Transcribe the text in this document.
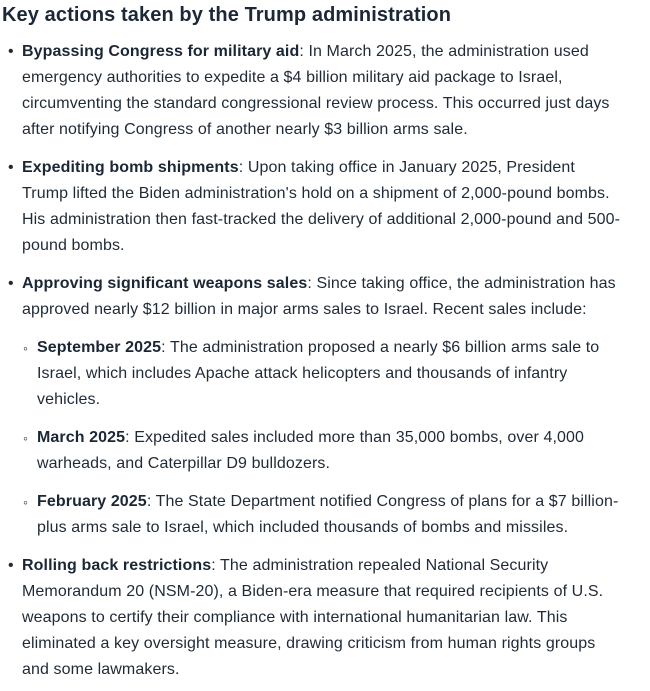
Key actions taken by the Trump administration
• Bypassing Congress for military aid: In March 2025, the administration used emergency authorities to expedite a $4 billion military aid package to Israel, circumventing the standard congressional review process. This occurred just days after notifying Congress of another nearly $3 billion arms sale.

• Expediting bomb shipments: Upon taking office in January 2025, President Trump lifted the Biden administration's hold on a shipment of 2,000-pound bombs. His administration then fast-tracked the delivery of additional 2,000-pound and 500-pound bombs.

• Approving significant weapons sales: Since taking office, the administration has approved nearly $12 billion in major arms sales to Israel. Recent sales include:

◦ September 2025: The administration proposed a nearly $6 billion arms sale to Israel, which includes Apache attack helicopters and thousands of infantry vehicles.

◦ March 2025: Expedited sales included more than 35,000 bombs, over 4,000 warheads, and Caterpillar D9 bulldozers.

◦ February 2025: The State Department notified Congress of plans for a $7 billion-plus arms sale to Israel, which included thousands of bombs and missiles.

• Rolling back restrictions: The administration repealed National Security Memorandum 20 (NSM-20), a Biden-era measure that required recipients of U.S. weapons to certify their compliance with international humanitarian law. This eliminated a key oversight measure, drawing criticism from human rights groups and some lawmakers.
